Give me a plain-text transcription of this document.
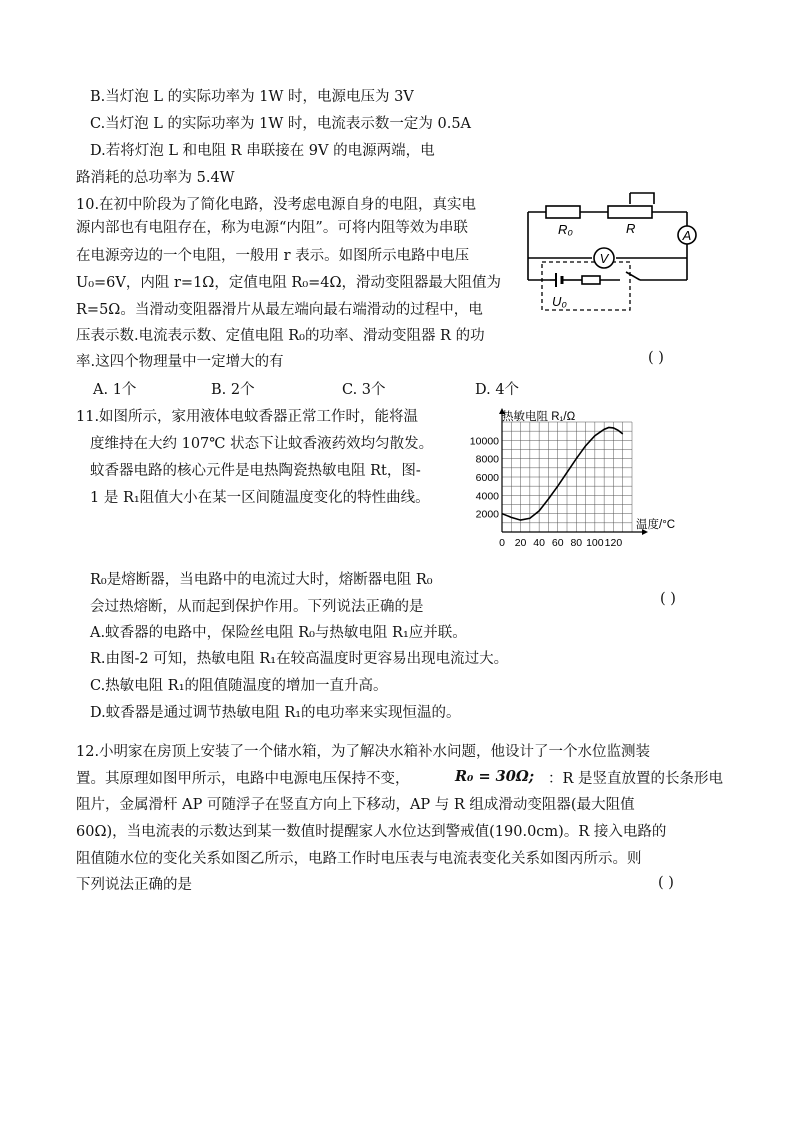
B.当灯泡 L 的实际功率为 1W 时，电源电压为 3V
C.当灯泡 L 的实际功率为 1W 时，电流表示数一定为 0.5A
D.若将灯泡 L 和电阻 R 串联接在 9V 的电源两端，电
路消耗的总功率为 5.4W
10.在初中阶段为了简化电路，没考虑电源自身的电阻，真实电
源内部也有电阻存在，称为电源“内阻”。可将内阻等效为串联
在电源旁边的一个电阻，一般用 r 表示。如图所示电路中电压
U₀=6V，内阻 r=1Ω，定值电阻 R₀=4Ω，滑动变阻器最大阻值为
R=5Ω。当滑动变阻器滑片从最左端向最右端滑动的过程中，电
压表示数.电流表示数、定值电阻 R₀的功率、滑动变阻器 R 的功
率.这四个物理量中一定增大的有	( )
A. 1个	B. 2个	C. 3个	D. 4个
A
V
R₀	R
U₀
11.如图所示，家用液体电蚊香器正常工作时，能将温
度维持在大约 107℃ 状态下让蚊香液药效均匀散发。
蚊香器电路的核心元件是电热陶瓷热敏电阻 Rt，图-
1 是 R₁阻值大小在某一区间随温度变化的特性曲线。
0 20 40 60 80 100 120
2000
4000
6000
8000
10000
热敏电阻 R₁/Ω
温度/°C
R₀是熔断器，当电路中的电流过大时，熔断器电阻 R₀
会过热熔断，从而起到保护作用。下列说法正确的是	( )
A.蚊香器的电路中，保险丝电阻 R₀与热敏电阻 R₁应并联。
R.由图-2 可知，热敏电阻 R₁在较高温度时更容易出现电流过大。
C.热敏电阻 R₁的阻值随温度的增加一直升高。
D.蚊香器是通过调节热敏电阻 R₁的电功率来实现恒温的。
12.小明家在房顶上安装了一个储水箱，为了解决水箱补水问题，他设计了一个水位监测装
置。其原理如图甲所示，电路中电源电压保持不变，	R₀ = 30Ω; ：R 是竖直放置的长条形电
阻片，金属滑杆 AP 可随浮子在竖直方向上下移动，AP 与 R 组成滑动变阻器(最大阻值
60Ω)，当电流表的示数达到某一数值时提醒家人水位达到警戒值(190.0cm)。R 接入电路的
阻值随水位的变化关系如图乙所示，电路工作时电压表与电流表变化关系如图丙所示。则
下列说法正确的是	( )
